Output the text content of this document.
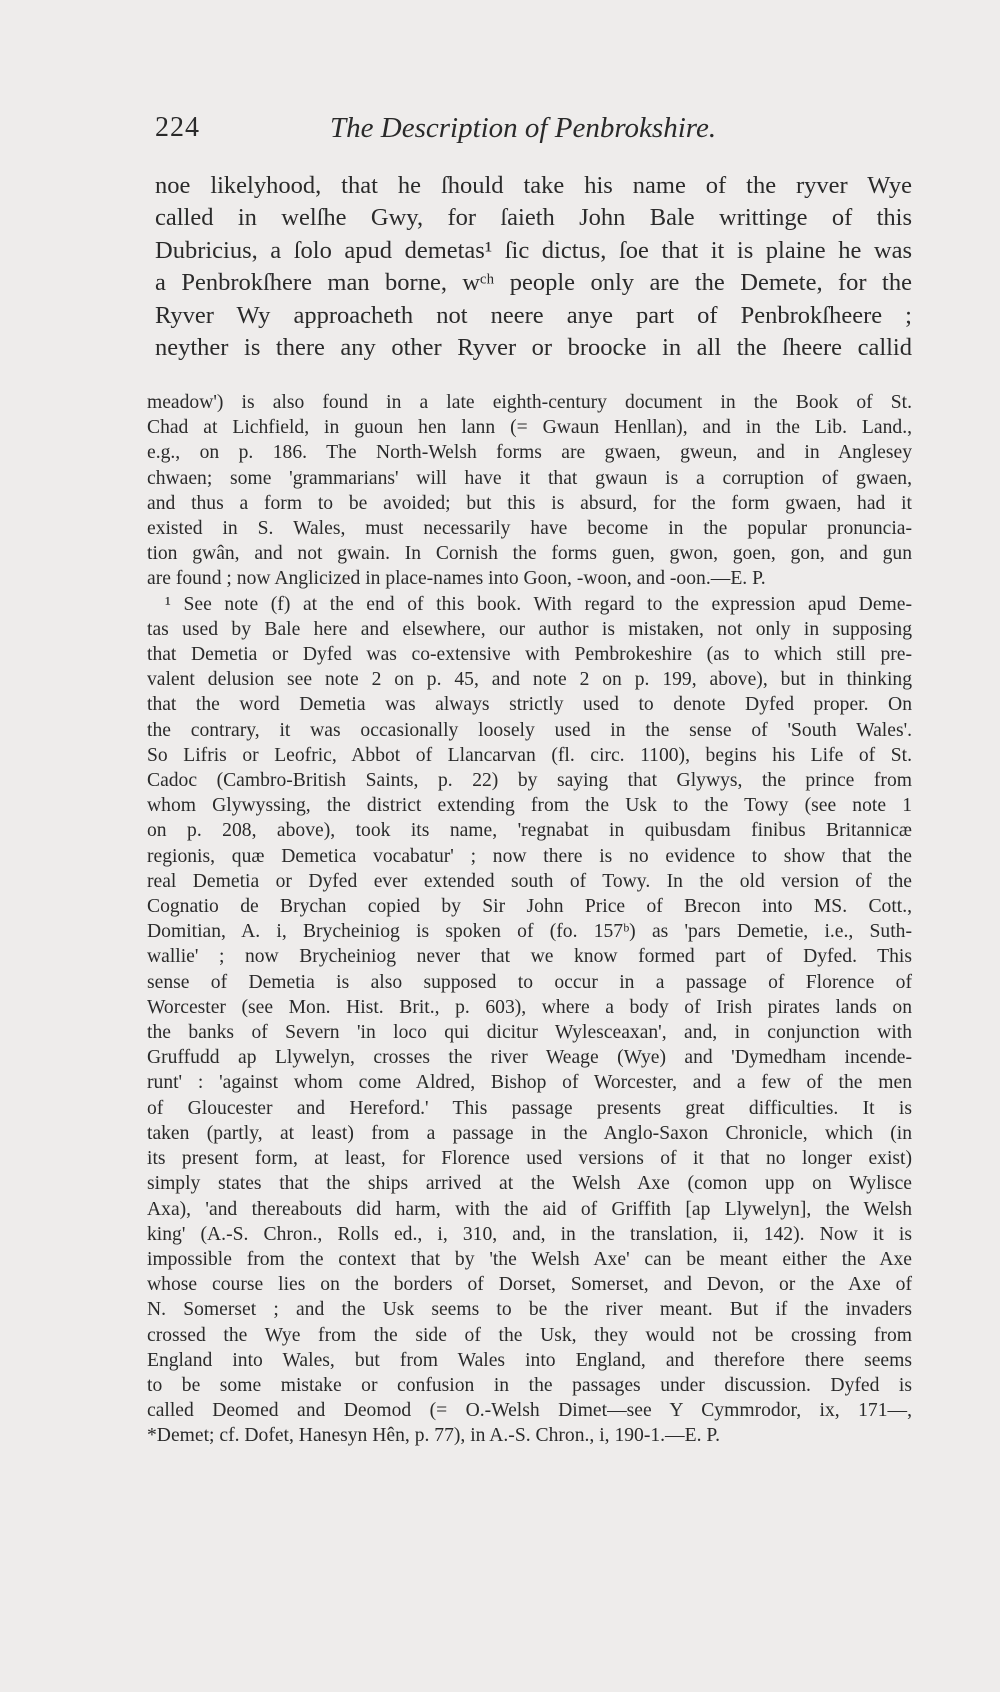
224	The Description of Penbrokshire.
noe likelyhood, that he ſhould take his name of the ryver Wye
called in welſhe Gwy, for ſaieth John Bale writtinge of this
Dubricius, a ſolo apud demetas¹ ſic dictus, ſoe that it is plaine he was
a Penbrokſhere man borne, wᶜʰ people only are the Demete, for the
Ryver Wy approacheth not neere anye part of Penbrokſheere ;
neyther is there any other Ryver or broocke in all the ſheere callid
meadow') is also found in a late eighth-century document in the Book of St.
Chad at Lichfield, in guoun hen lann (= Gwaun Henllan), and in the Lib. Land.,
e.g., on p. 186. The North-Welsh forms are gwaen, gweun, and in Anglesey
chwaen; some 'grammarians' will have it that gwaun is a corruption of gwaen,
and thus a form to be avoided; but this is absurd, for the form gwaen, had it
existed in S. Wales, must necessarily have become in the popular pronuncia-
tion gwân, and not gwain. In Cornish the forms guen, gwon, goen, gon, and gun
are found ; now Anglicized in place-names into Goon, -woon, and -oon.—E. P.
¹ See note (f) at the end of this book. With regard to the expression apud Deme-
tas used by Bale here and elsewhere, our author is mistaken, not only in supposing
that Demetia or Dyfed was co-extensive with Pembrokeshire (as to which still pre-
valent delusion see note 2 on p. 45, and note 2 on p. 199, above), but in thinking
that the word Demetia was always strictly used to denote Dyfed proper. On
the contrary, it was occasionally loosely used in the sense of 'South Wales'.
So Lifris or Leofric, Abbot of Llancarvan (fl. circ. 1100), begins his Life of St.
Cadoc (Cambro-British Saints, p. 22) by saying that Glywys, the prince from
whom Glywyssing, the district extending from the Usk to the Towy (see note 1
on p. 208, above), took its name, 'regnabat in quibusdam finibus Britannicæ
regionis, quæ Demetica vocabatur' ; now there is no evidence to show that the
real Demetia or Dyfed ever extended south of Towy. In the old version of the
Cognatio de Brychan copied by Sir John Price of Brecon into MS. Cott.,
Domitian, A. i, Brycheiniog is spoken of (fo. 157ᵇ) as 'pars Demetie, i.e., Suth-
wallie' ; now Brycheiniog never that we know formed part of Dyfed. This
sense of Demetia is also supposed to occur in a passage of Florence of
Worcester (see Mon. Hist. Brit., p. 603), where a body of Irish pirates lands on
the banks of Severn 'in loco qui dicitur Wylesceaxan', and, in conjunction with
Gruffudd ap Llywelyn, crosses the river Weage (Wye) and 'Dymedham incende-
runt' : 'against whom come Aldred, Bishop of Worcester, and a few of the men
of Gloucester and Hereford.' This passage presents great difficulties. It is
taken (partly, at least) from a passage in the Anglo-Saxon Chronicle, which (in
its present form, at least, for Florence used versions of it that no longer exist)
simply states that the ships arrived at the Welsh Axe (comon upp on Wylisce
Axa), 'and thereabouts did harm, with the aid of Griffith [ap Llywelyn], the Welsh
king' (A.-S. Chron., Rolls ed., i, 310, and, in the translation, ii, 142). Now it is
impossible from the context that by 'the Welsh Axe' can be meant either the Axe
whose course lies on the borders of Dorset, Somerset, and Devon, or the Axe of
N. Somerset ; and the Usk seems to be the river meant. But if the invaders
crossed the Wye from the side of the Usk, they would not be crossing from
England into Wales, but from Wales into England, and therefore there seems
to be some mistake or confusion in the passages under discussion. Dyfed is
called Deomed and Deomod (= O.-Welsh Dimet—see Y Cymmrodor, ix, 171—,
*Demet; cf. Dofet, Hanesyn Hên, p. 77), in A.-S. Chron., i, 190-1.—E. P.
